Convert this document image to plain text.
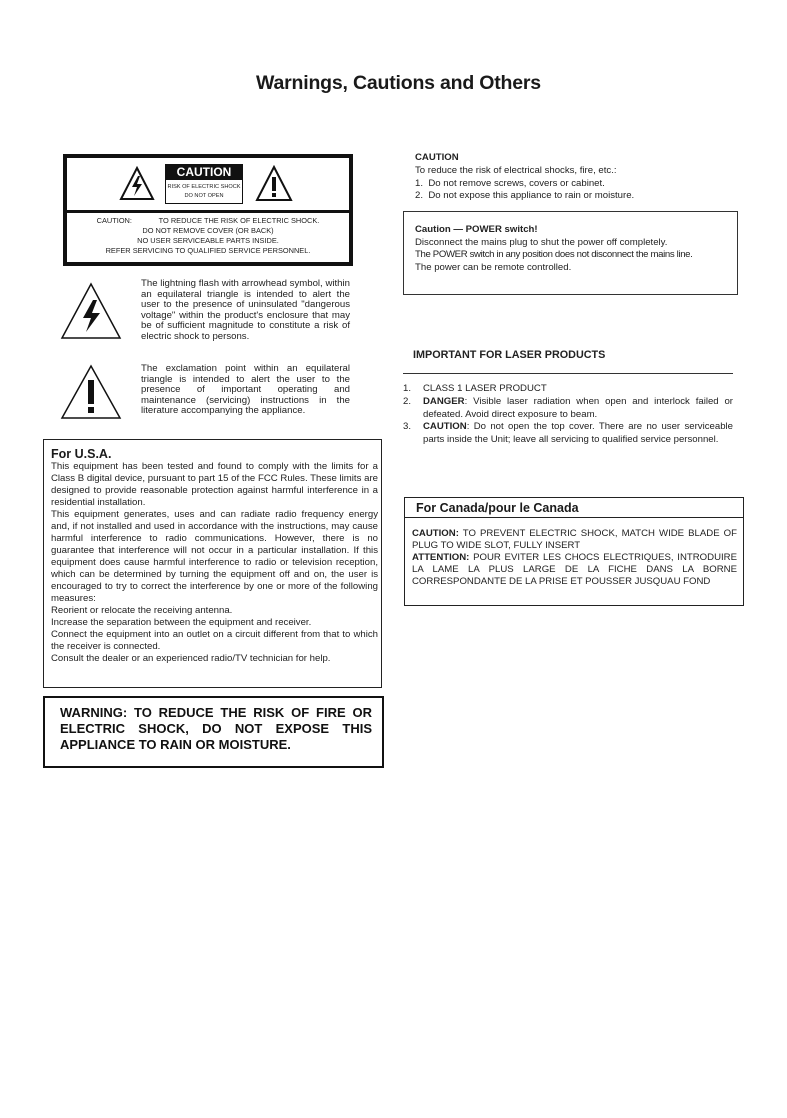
Warnings, Cautions and Others
CAUTION
RISK OF ELECTRIC SHOCK
DO NOT OPEN
CAUTION:	TO REDUCE THE RISK OF ELECTRIC SHOCK.
DO NOT REMOVE COVER (OR BACK)
NO USER SERVICEABLE PARTS INSIDE.
REFER SERVICING TO QUALIFIED SERVICE PERSONNEL.
The lightning flash with arrowhead symbol, within an equilateral triangle is intended to alert the user to the presence of uninsulated "dangerous voltage" within the product's enclosure that may be of sufficient magnitude to constitute a risk of electric shock to persons.
The exclamation point within an equilateral triangle is intended to alert the user to the presence of important operating and maintenance (servicing) instructions in the literature accompanying the appliance.
For U.S.A.
This equipment has been tested and found to comply with the limits for a Class B digital device, pursuant to part 15 of the FCC Rules. These limits are designed to provide reasonable protection against harmful interference in a residential installation.
This equipment generates, uses and can radiate radio frequency energy and, if not installed and used in accordance with the instructions, may cause harmful interference to radio communications. However, there is no guarantee that interference will not occur in a particular installation. If this equipment does cause harmful interference to radio or television reception, which can be determined by turning the equipment off and on, the user is encouraged to try to correct the interference by one or more of the following measures:
Reorient or relocate the receiving antenna.
Increase the separation between the equipment and receiver.
Connect the equipment into an outlet on a circuit different from that to which the receiver is connected.
Consult the dealer or an experienced radio/TV technician for help.
WARNING: TO REDUCE THE RISK OF FIRE OR ELECTRIC SHOCK, DO NOT EXPOSE THIS APPLIANCE TO RAIN OR MOISTURE.
CAUTION
To reduce the risk of electrical shocks, fire, etc.:
1. Do not remove screws, covers or cabinet.
2. Do not expose this appliance to rain or moisture.
Caution — POWER switch!
Disconnect the mains plug to shut the power off completely.
The POWER switch in any position does not disconnect the mains line.
The power can be remote controlled.
IMPORTANT FOR LASER PRODUCTS
1.	CLASS 1 LASER PRODUCT
2.	DANGER: Visible laser radiation when open and interlock failed or defeated. Avoid direct exposure to beam.
3.	CAUTION: Do not open the top cover. There are no user serviceable parts inside the Unit; leave all servicing to qualified service personnel.
For Canada/pour le Canada
CAUTION: TO PREVENT ELECTRIC SHOCK, MATCH WIDE BLADE OF PLUG TO WIDE SLOT, FULLY INSERT
ATTENTION: POUR EVITER LES CHOCS ELECTRIQUES, INTRODUIRE LA LAME LA PLUS LARGE DE LA FICHE DANS LA BORNE CORRESPONDANTE DE LA PRISE ET POUSSER JUSQUAU FOND
